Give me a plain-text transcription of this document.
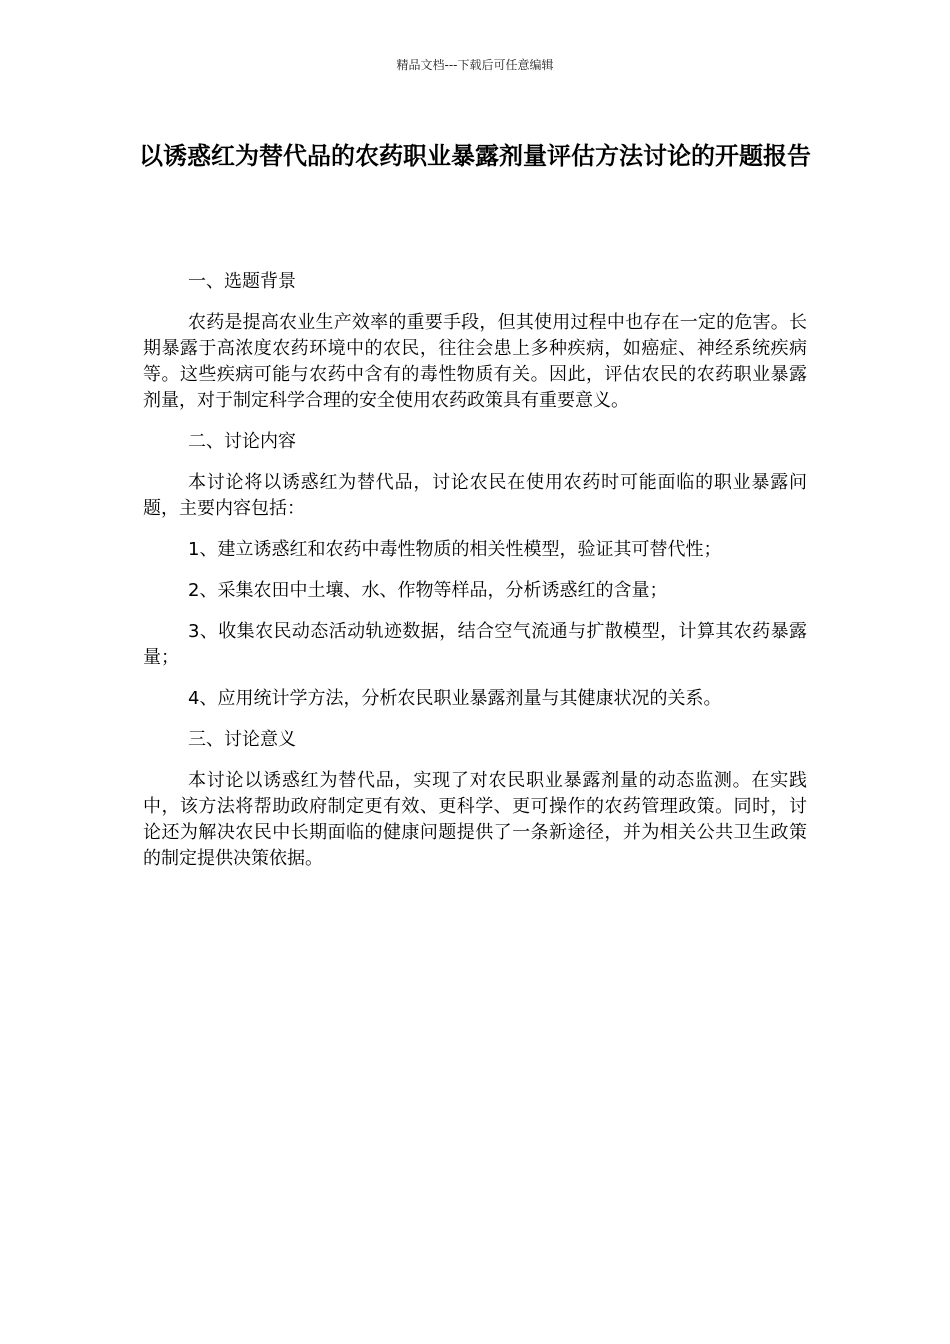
精品文档---下载后可任意编辑
以诱惑红为替代品的农药职业暴露剂量评估方法讨论的开题报告

一、选题背景

农药是提高农业生产效率的重要手段，但其使用过程中也存在一定的危害。长期暴露于高浓度农药环境中的农民，往往会患上多种疾病，如癌症、神经系统疾病等。这些疾病可能与农药中含有的毒性物质有关。因此，评估农民的农药职业暴露剂量，对于制定科学合理的安全使用农药政策具有重要意义。

二、讨论内容

本讨论将以诱惑红为替代品，讨论农民在使用农药时可能面临的职业暴露问题，主要内容包括：

1、建立诱惑红和农药中毒性物质的相关性模型，验证其可替代性；

2、采集农田中土壤、水、作物等样品，分析诱惑红的含量；

3、收集农民动态活动轨迹数据，结合空气流通与扩散模型，计算其农药暴露量；

4、应用统计学方法，分析农民职业暴露剂量与其健康状况的关系。

三、讨论意义

本讨论以诱惑红为替代品，实现了对农民职业暴露剂量的动态监测。在实践中，该方法将帮助政府制定更有效、更科学、更可操作的农药管理政策。同时，讨论还为解决农民中长期面临的健康问题提供了一条新途径，并为相关公共卫生政策的制定提供决策依据。
